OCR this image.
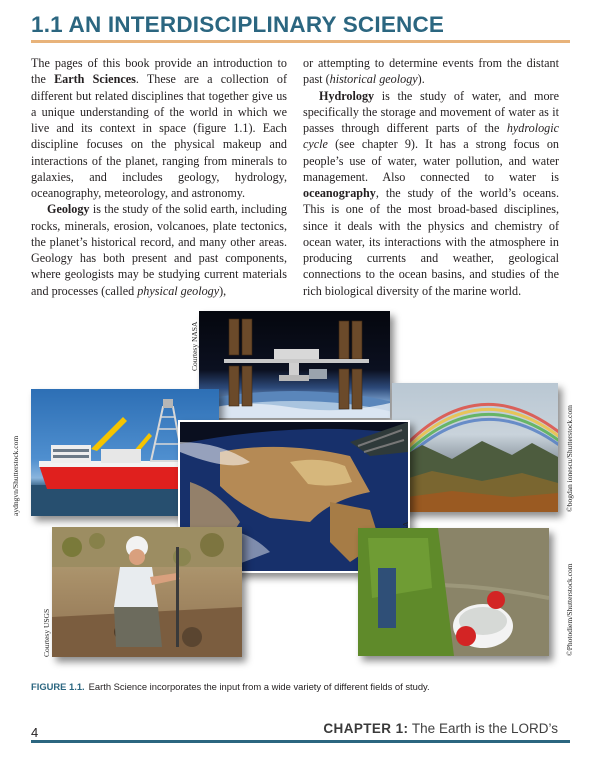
1.1 AN INTERDISCIPLINARY SCIENCE

The pages of this book provide an introduction to the Earth Sciences. These are a collection of different but related disciplines that together give us a unique understanding of the world in which we live and its context in space (figure 1.1). Each discipline focuses on the physical makeup and interactions of the planet, ranging from minerals to galaxies, and includes geology, hydrology, oceanography, meteorology, and astronomy.

Geology is the study of the solid earth, including rocks, minerals, erosion, volcanoes, plate tectonics, the planet’s historical record, and many other areas. Geology has both present and past components, where geologists may be studying current materials and processes (called physical geology),

or attempting to determine events from the distant past (historical geology).

Hydrology is the study of water, and more specifically the storage and movement of water as it passes through different parts of the hydrologic cycle (see chapter 9). It has a strong focus on people’s use of water, water pollution, and water management. Also connected to water is oceanography, the study of the world’s oceans. This is one of the most broad-based disciplines, since it deals with the physics and chemistry of ocean water, its interactions with the atmosphere in producing currents and weather, geological connections to the ocean basins, and studies of the rich biological diversity of the marine world.

Courtesy NASA
aydngvn/Shutterstock.com	©bogdan ionescu/Shutterstock.com
Courtesy USGS	©Photodiem/Shutterstock.com
FIGURE 1.1. Earth Science incorporates the input from a wide variety of different fields of study.
4	CHAPTER 1: The Earth is the LORD’s
